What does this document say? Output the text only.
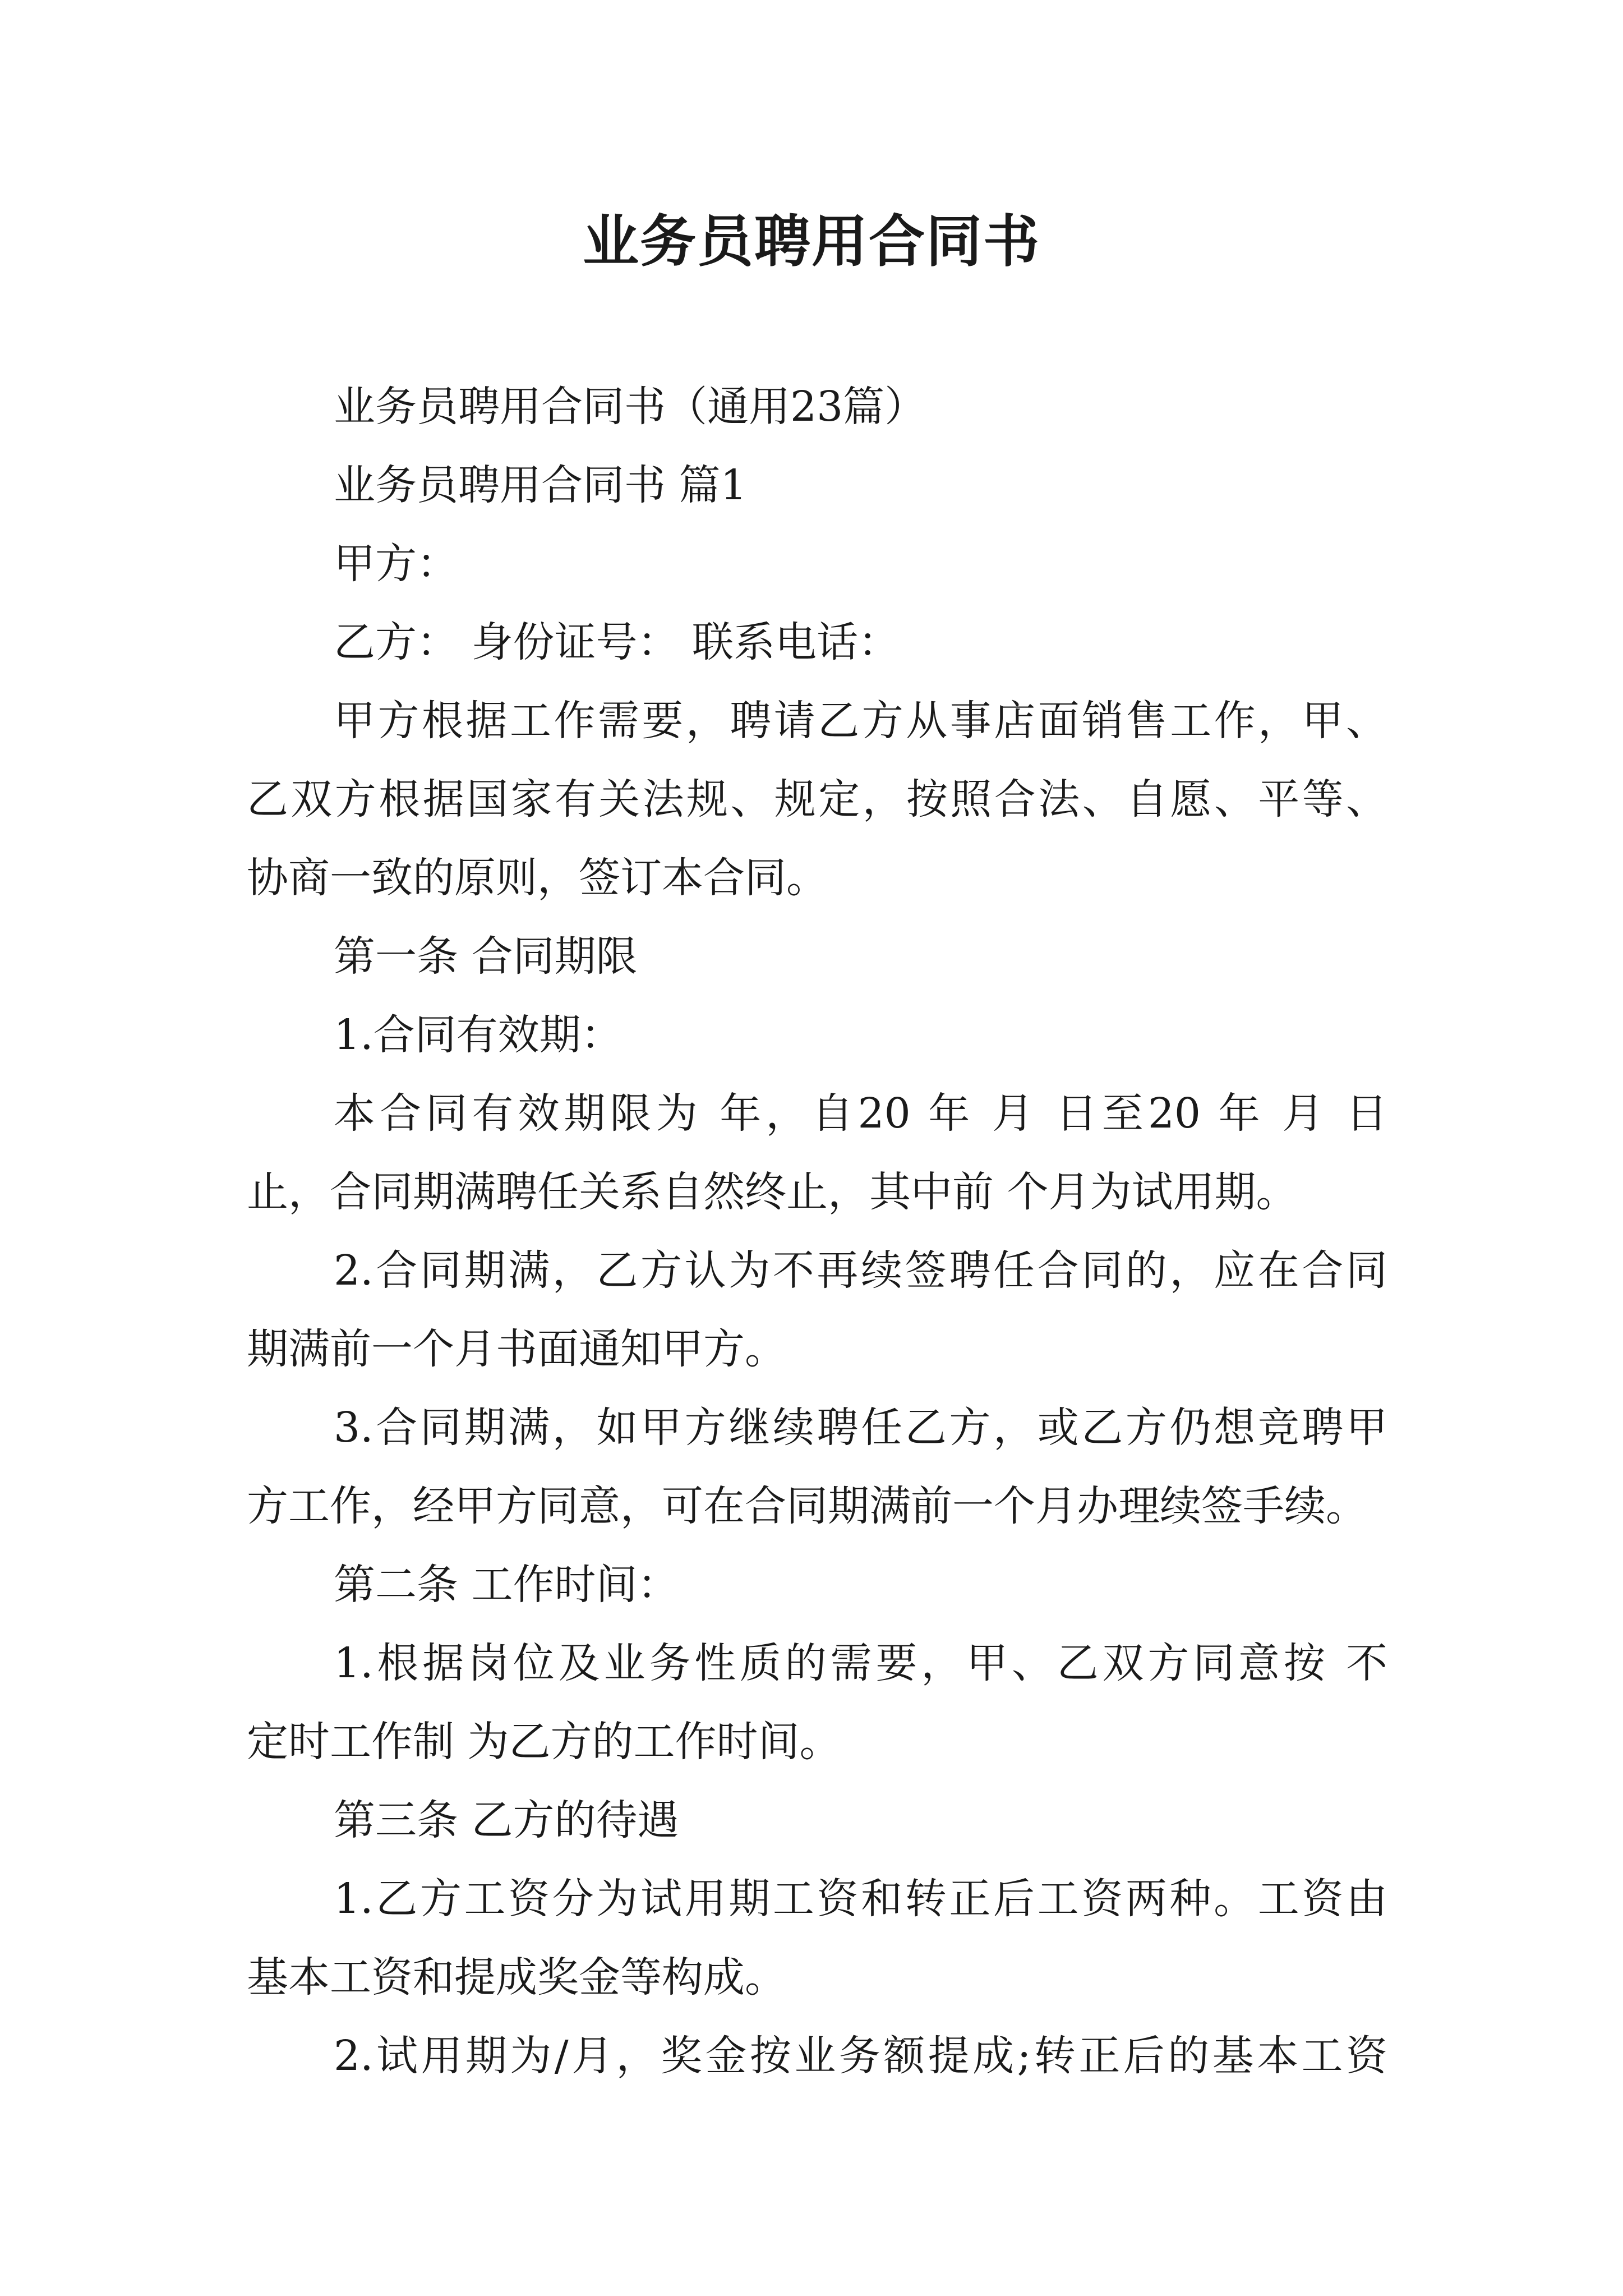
业务员聘用合同书
业务员聘用合同书（通用23篇）
业务员聘用合同书 篇1
甲方：
乙方： 身份证号： 联系电话：
甲方根据工作需要，聘请乙方从事店面销售工作，甲、
乙双方根据国家有关法规、规定，按照合法、自愿、平等、
协商一致的原则，签订本合同。
第一条 合同期限
1.合同有效期：
本合同有效期限为 年，自20 年 月 日至20 年 月 日
止，合同期满聘任关系自然终止，其中前 个月为试用期。
2.合同期满，乙方认为不再续签聘任合同的，应在合同
期满前一个月书面通知甲方。
3.合同期满，如甲方继续聘任乙方，或乙方仍想竞聘甲
方工作，经甲方同意，可在合同期满前一个月办理续签手续。
第二条 工作时间：
1.根据岗位及业务性质的需要，甲、乙双方同意按 不
定时工作制 为乙方的工作时间。
第三条 乙方的待遇
1.乙方工资分为试用期工资和转正后工资两种。工资由
基本工资和提成奖金等构成。
2.试用期为/月，奖金按业务额提成;转正后的基本工资
